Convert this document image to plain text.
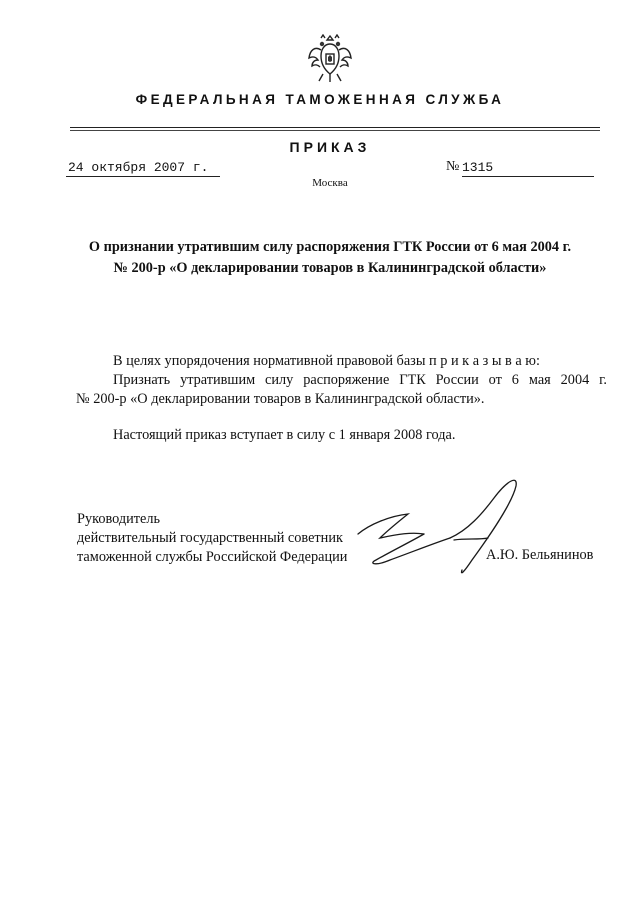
ФЕДЕРАЛЬНАЯ ТАМОЖЕННАЯ СЛУЖБА
ПРИКАЗ
24 октября 2007 г.	№ 1315
Москва
О признании утратившим силу распоряжения ГТК России от 6 мая 2004 г.
№ 200-р «О декларировании товаров в Калининградской области»
В целях упорядочения нормативной правовой базы п р и к а з ы в а ю:
Признать утратившим силу распоряжение ГТК России от 6 мая 2004 г.
№ 200-р «О декларировании товаров в Калининградской области».
Настоящий приказ вступает в силу с 1 января 2008 года.
Руководитель
действительный государственный советник
таможенной службы Российской Федерации	А.Ю. Бельянинов
